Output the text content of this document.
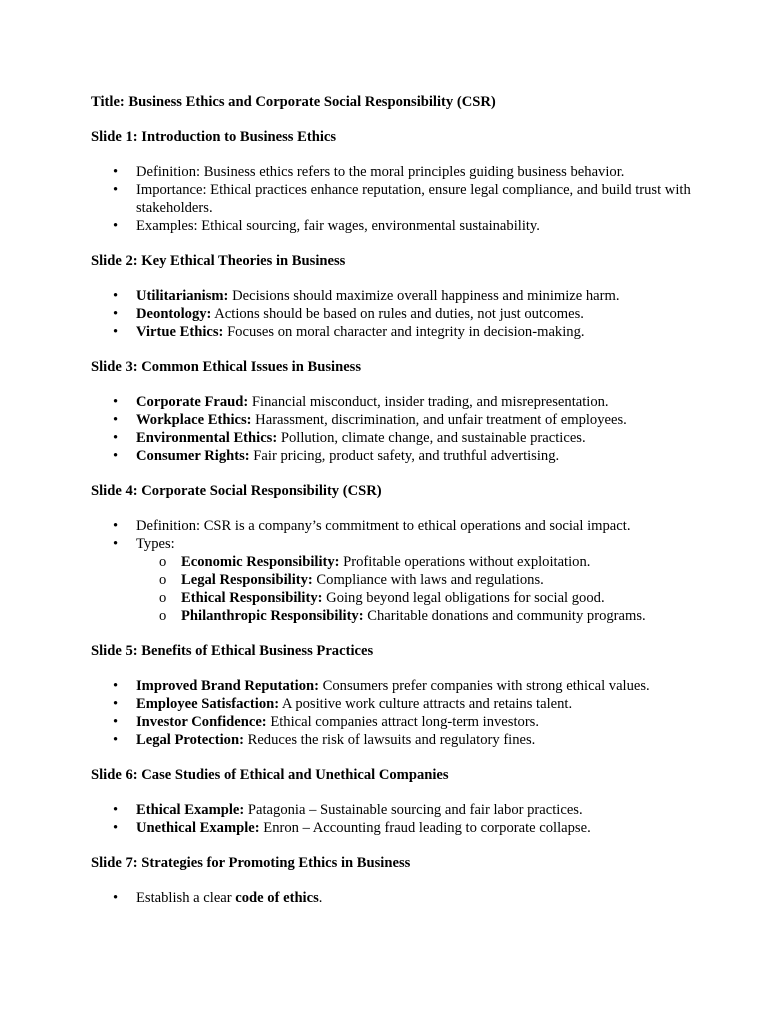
Title: Business Ethics and Corporate Social Responsibility (CSR)

Slide 1: Introduction to Business Ethics

• Definition: Business ethics refers to the moral principles guiding business behavior.
• Importance: Ethical practices enhance reputation, ensure legal compliance, and build trust with stakeholders.
• Examples: Ethical sourcing, fair wages, environmental sustainability.

Slide 2: Key Ethical Theories in Business

• Utilitarianism: Decisions should maximize overall happiness and minimize harm.
• Deontology: Actions should be based on rules and duties, not just outcomes.
• Virtue Ethics: Focuses on moral character and integrity in decision-making.

Slide 3: Common Ethical Issues in Business

• Corporate Fraud: Financial misconduct, insider trading, and misrepresentation.
• Workplace Ethics: Harassment, discrimination, and unfair treatment of employees.
• Environmental Ethics: Pollution, climate change, and sustainable practices.
• Consumer Rights: Fair pricing, product safety, and truthful advertising.

Slide 4: Corporate Social Responsibility (CSR)

• Definition: CSR is a company’s commitment to ethical operations and social impact.
• Types:
o Economic Responsibility: Profitable operations without exploitation.
o Legal Responsibility: Compliance with laws and regulations.
o Ethical Responsibility: Going beyond legal obligations for social good.
o Philanthropic Responsibility: Charitable donations and community programs.

Slide 5: Benefits of Ethical Business Practices

• Improved Brand Reputation: Consumers prefer companies with strong ethical values.
• Employee Satisfaction: A positive work culture attracts and retains talent.
• Investor Confidence: Ethical companies attract long-term investors.
• Legal Protection: Reduces the risk of lawsuits and regulatory fines.

Slide 6: Case Studies of Ethical and Unethical Companies

• Ethical Example: Patagonia – Sustainable sourcing and fair labor practices.
• Unethical Example: Enron – Accounting fraud leading to corporate collapse.

Slide 7: Strategies for Promoting Ethics in Business

• Establish a clear code of ethics.
